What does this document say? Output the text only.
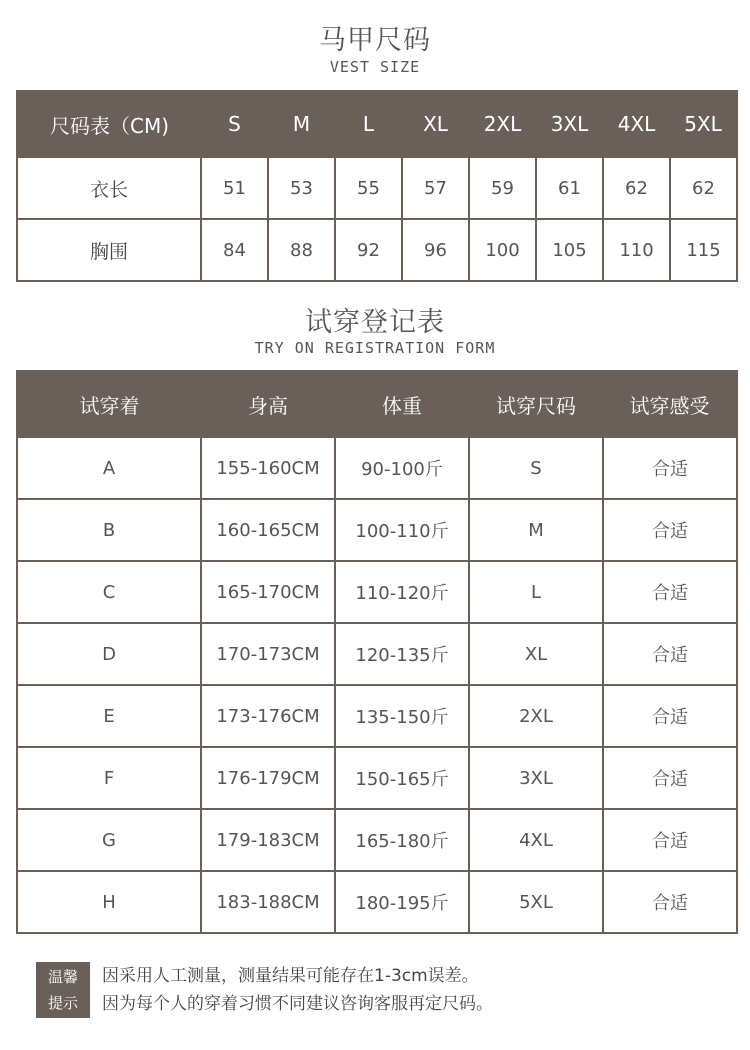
马甲尺码
VEST SIZE
尺码表（CM)	S	M	L	XL	2XL	3XL	4XL	5XL
衣长	51	53	55	57	59	61	62	62
胸围	84	88	92	96	100	105	110	115
试穿登记表
TRY ON REGISTRATION FORM
试穿着	身高	体重	试穿尺码	试穿感受
A	155-160CM	90-100斤	S	合适
B	160-165CM	100-110斤	M	合适
C	165-170CM	110-120斤	L	合适
D	170-173CM	120-135斤	XL	合适
E	173-176CM	135-150斤	2XL	合适
F	176-179CM	150-165斤	3XL	合适
G	179-183CM	165-180斤	4XL	合适
H	183-188CM	180-195斤	5XL	合适
温馨
提示
因采用人工测量，测量结果可能存在1-3cm误差。
因为每个人的穿着习惯不同建议咨询客服再定尺码。
